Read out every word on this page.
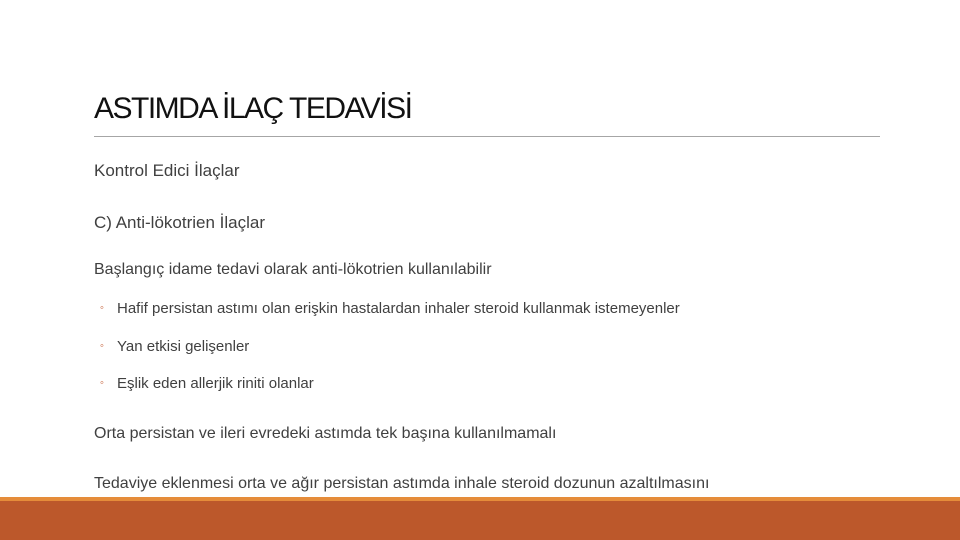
ASTIMDA İLAÇ TEDAVİSİ
Kontrol Edici İlaçlar
C) Anti-lökotrien İlaçlar
Başlangıç idame tedavi olarak anti-lökotrien kullanılabilir
◦ Hafif persistan astımı olan erişkin hastalardan inhaler steroid kullanmak istemeyenler
◦ Yan etkisi gelişenler
◦ Eşlik eden allerjik riniti olanlar
Orta persistan ve ileri evredeki astımda tek başına kullanılmamalı
Tedaviye eklenmesi orta ve ağır persistan astımda inhale steroid dozunun azaltılmasını
